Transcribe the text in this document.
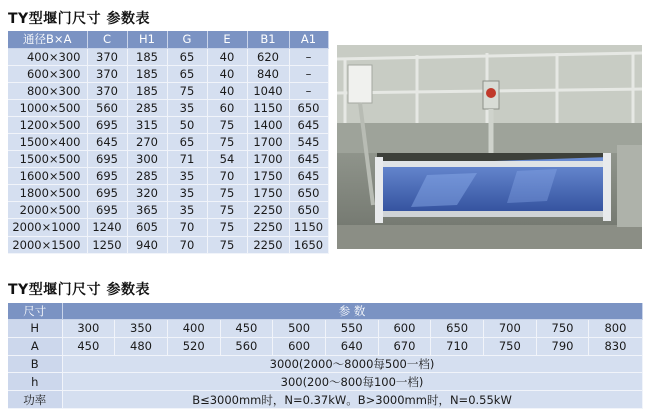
TY型堰门尺寸 参数表
通径B×A	C	H1	G	E	B1	A1
400×300	370	185	65	40	620	–
600×300	370	185	65	40	840	–
800×300	370	185	75	40	1040	–
1000×500	560	285	35	60	1150	650
1200×500	695	315	50	75	1400	645
1500×400	645	270	65	75	1700	545
1500×500	695	300	71	54	1700	645
1600×500	695	285	35	70	1750	645
1800×500	695	320	35	75	1750	650
2000×500	695	365	35	75	2250	650
2000×1000	1240	605	70	75	2250	1150
2000×1500	1250	940	70	75	2250	1650
TY型堰门尺寸 参数表
尺寸	参 数										
H	300	350	400	450	500	550	600	650	700	750	800
A	450	480	520	560	600	640	670	710	750	790	830
B	3000(2000～8000每500一档)										
h	300(200～800每100一档)										
功率	B≤3000mm时，N=0.37kW。B>3000mm时，N=0.55kW										
